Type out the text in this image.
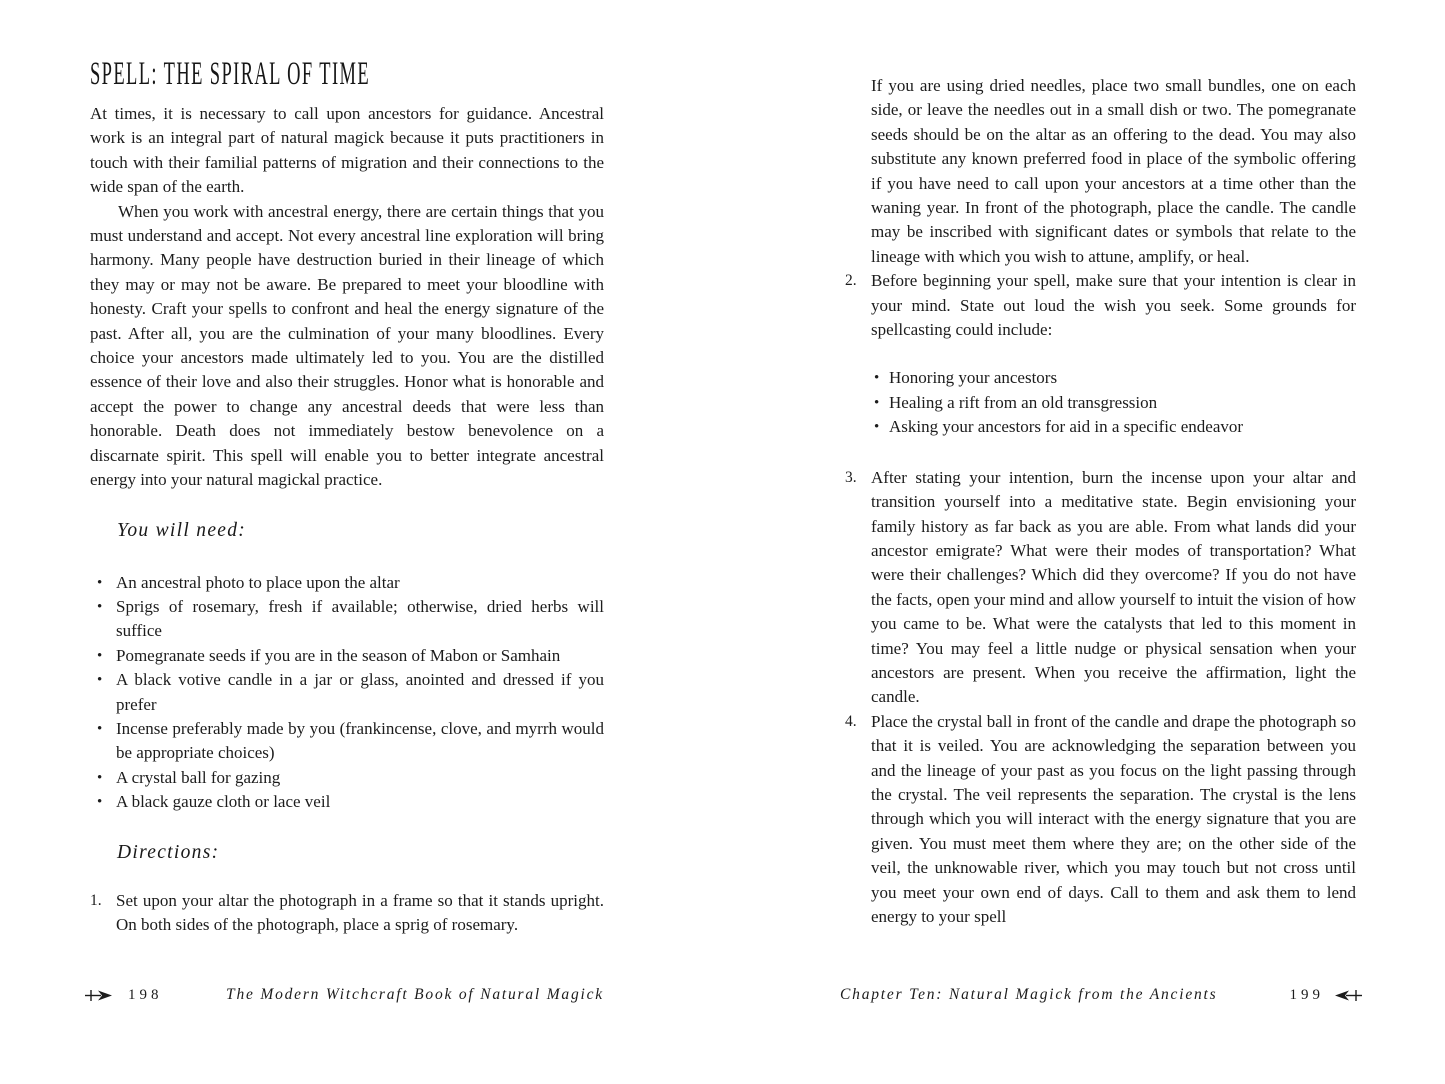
SPELL: THE SPIRAL OF TIME

At times, it is necessary to call upon ancestors for guidance. Ancestral work is an integral part of natural magick because it puts practitioners in touch with their familial patterns of migration and their connections to the wide span of the earth.

When you work with ancestral energy, there are certain things that you must understand and accept. Not every ancestral line exploration will bring harmony. Many people have destruction buried in their lineage of which they may or may not be aware. Be prepared to meet your bloodline with honesty. Craft your spells to confront and heal the energy signature of the past. After all, you are the culmination of your many bloodlines. Every choice your ancestors made ultimately led to you. You are the distilled essence of their love and also their struggles. Honor what is honorable and accept the power to change any ancestral deeds that were less than honorable. Death does not immediately bestow benevolence on a discarnate spirit. This spell will enable you to better integrate ancestral energy into your natural magickal practice.

You will need:
• An ancestral photo to place upon the altar
• Sprigs of rosemary, fresh if available; otherwise, dried herbs will suffice
• Pomegranate seeds if you are in the season of Mabon or Samhain
• A black votive candle in a jar or glass, anointed and dressed if you prefer
• Incense preferably made by you (frankincense, clove, and myrrh would be appropriate choices)
• A crystal ball for gazing
• A black gauze cloth or lace veil
Directions:
1. Set upon your altar the photograph in a frame so that it stands upright. On both sides of the photograph, place a sprig of rosemary.

If you are using dried needles, place two small bundles, one on each side, or leave the needles out in a small dish or two. The pomegranate seeds should be on the altar as an offering to the dead. You may also substitute any known preferred food in place of the symbolic offering if you have need to call upon your ancestors at a time other than the waning year. In front of the photograph, place the candle. The candle may be inscribed with significant dates or symbols that relate to the lineage with which you wish to attune, amplify, or heal.

2. Before beginning your spell, make sure that your intention is clear in your mind. State out loud the wish you seek. Some grounds for spellcasting could include:

• Honoring your ancestors
• Healing a rift from an old transgression
• Asking your ancestors for aid in a specific endeavor
3. After stating your intention, burn the incense upon your altar and transition yourself into a meditative state. Begin envisioning your family history as far back as you are able. From what lands did your ancestor emigrate? What were their modes of transportation? What were their challenges? Which did they overcome? If you do not have the facts, open your mind and allow yourself to intuit the vision of how you came to be. What were the catalysts that led to this moment in time? You may feel a little nudge or physical sensation when your ancestors are present. When you receive the affirmation, light the candle.

4. Place the crystal ball in front of the candle and drape the photograph so that it is veiled. You are acknowledging the separation between you and the lineage of your past as you focus on the light passing through the crystal. The veil represents the separation. The crystal is the lens through which you will interact with the energy signature that you are given. You must meet them where they are; on the other side of the veil, the unknowable river, which you may touch but not cross until you meet your own end of days. Call to them and ask them to lend energy to your spell

198	The Modern Witchcraft Book of Natural Magick	Chapter Ten: Natural Magick from the Ancients	199
